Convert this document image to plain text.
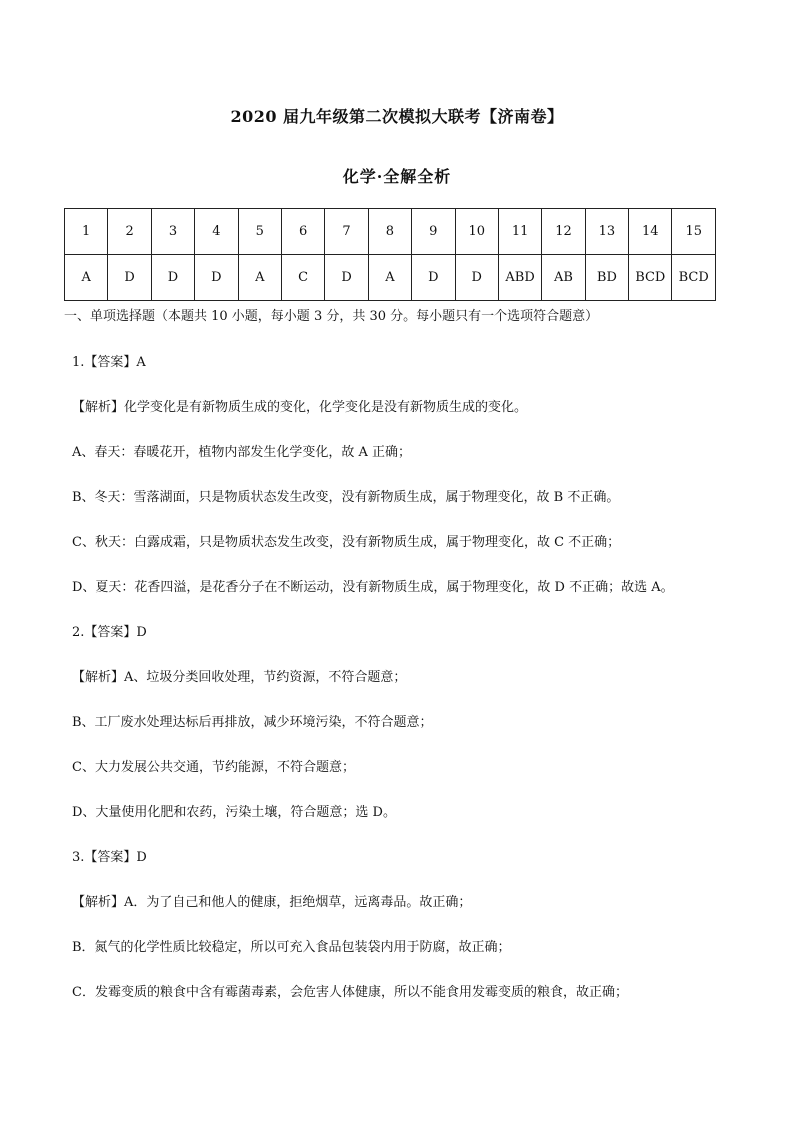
2020 届九年级第二次模拟大联考【济南卷】
化学·全解全析
1	2	3	4	5	6	7	8	9	10	11	12	13	14	15
A	D	D	D	A	C	D	A	D	D	ABD	AB	BD	BCD	BCD
一、单项选择题（本题共 10 小题，每小题 3 分，共 30 分。每小题只有一个选项符合题意）
1.【答案】A
【解析】化学变化是有新物质生成的变化，化学变化是没有新物质生成的变化。
A、春天：春暖花开，植物内部发生化学变化，故 A 正确；
B、冬天：雪落湖面，只是物质状态发生改变，没有新物质生成，属于物理变化，故 B 不正确。
C、秋天：白露成霜，只是物质状态发生改变，没有新物质生成，属于物理变化，故 C 不正确；
D、夏天：花香四溢，是花香分子在不断运动，没有新物质生成，属于物理变化，故 D 不正确；故选 A。
2.【答案】D
【解析】A、垃圾分类回收处理，节约资源，不符合题意；
B、工厂废水处理达标后再排放，减少环境污染，不符合题意；
C、大力发展公共交通，节约能源，不符合题意；
D、大量使用化肥和农药，污染土壤，符合题意；选 D。
3.【答案】D
【解析】A．为了自己和他人的健康，拒绝烟草，远离毒品。故正确；
B．氮气的化学性质比较稳定，所以可充入食品包装袋内用于防腐，故正确；
C．发霉变质的粮食中含有霉菌毒素，会危害人体健康，所以不能食用发霉变质的粮食，故正确；
